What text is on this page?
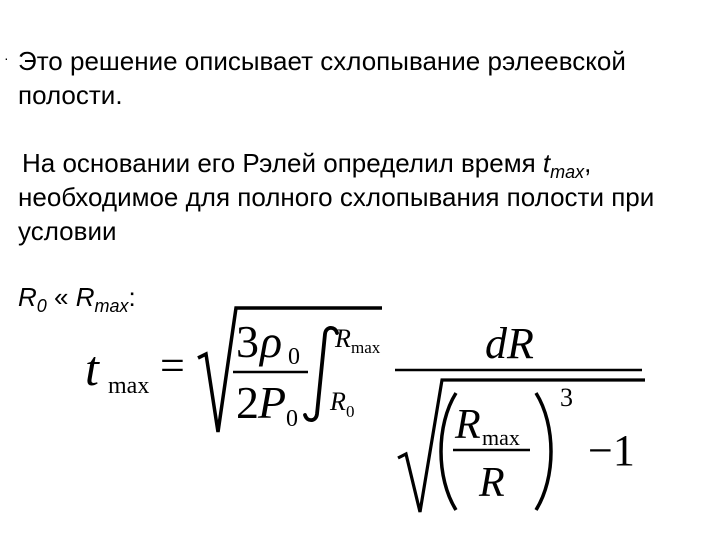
· Это решение описывает схлопывание рэлеевской
полости.
На основании его Рэлей определил время $t_{max}$,
необходимое для полного схлопывания полости при
условии
$R_0$ « $R_{max}$:
t max = 3 ρ 0
2 P 0
R max
R 0
dR
R max
R
3
−1
